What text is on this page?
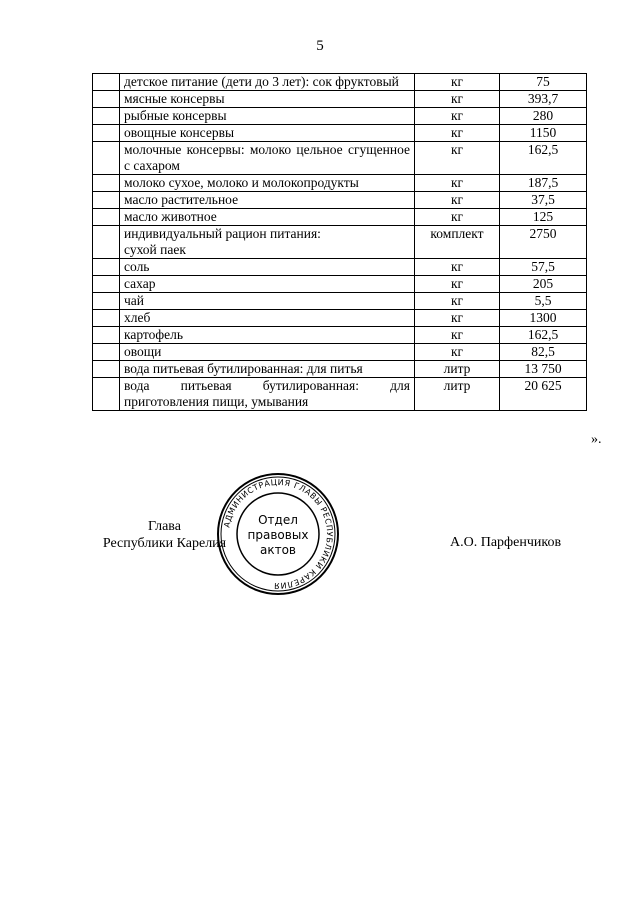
5
	детское питание (дети до 3 лет): сок фруктовый	кг	75
	мясные консервы	кг	393,7
	рыбные консервы	кг	280
	овощные консервы	кг	1150
	молочные консервы: молоко цельное сгущенное с сахаром	кг	162,5
	молоко сухое, молоко и молокопродукты	кг	187,5
	масло растительное	кг	37,5
	масло животное	кг	125
	индивидуальный рацион питания:
сухой паек	комплект	2750
	соль	кг	57,5
	сахар	кг	205
	чай	кг	5,5
	хлеб	кг	1300
	картофель	кг	162,5
	овощи	кг	82,5
	вода питьевая бутилированная: для питья	литр	13 750
	вода питьевая бутилированная: для приготовления пищи, умывания	литр	20 625
».
Глава
Республики Карелия
АДМИНИСТРАЦИЯ ГЛАВЫ РЕСПУБЛИКИ КАРЕЛИЯ
Отдел
правовых
актов	А.О. Парфенчиков
